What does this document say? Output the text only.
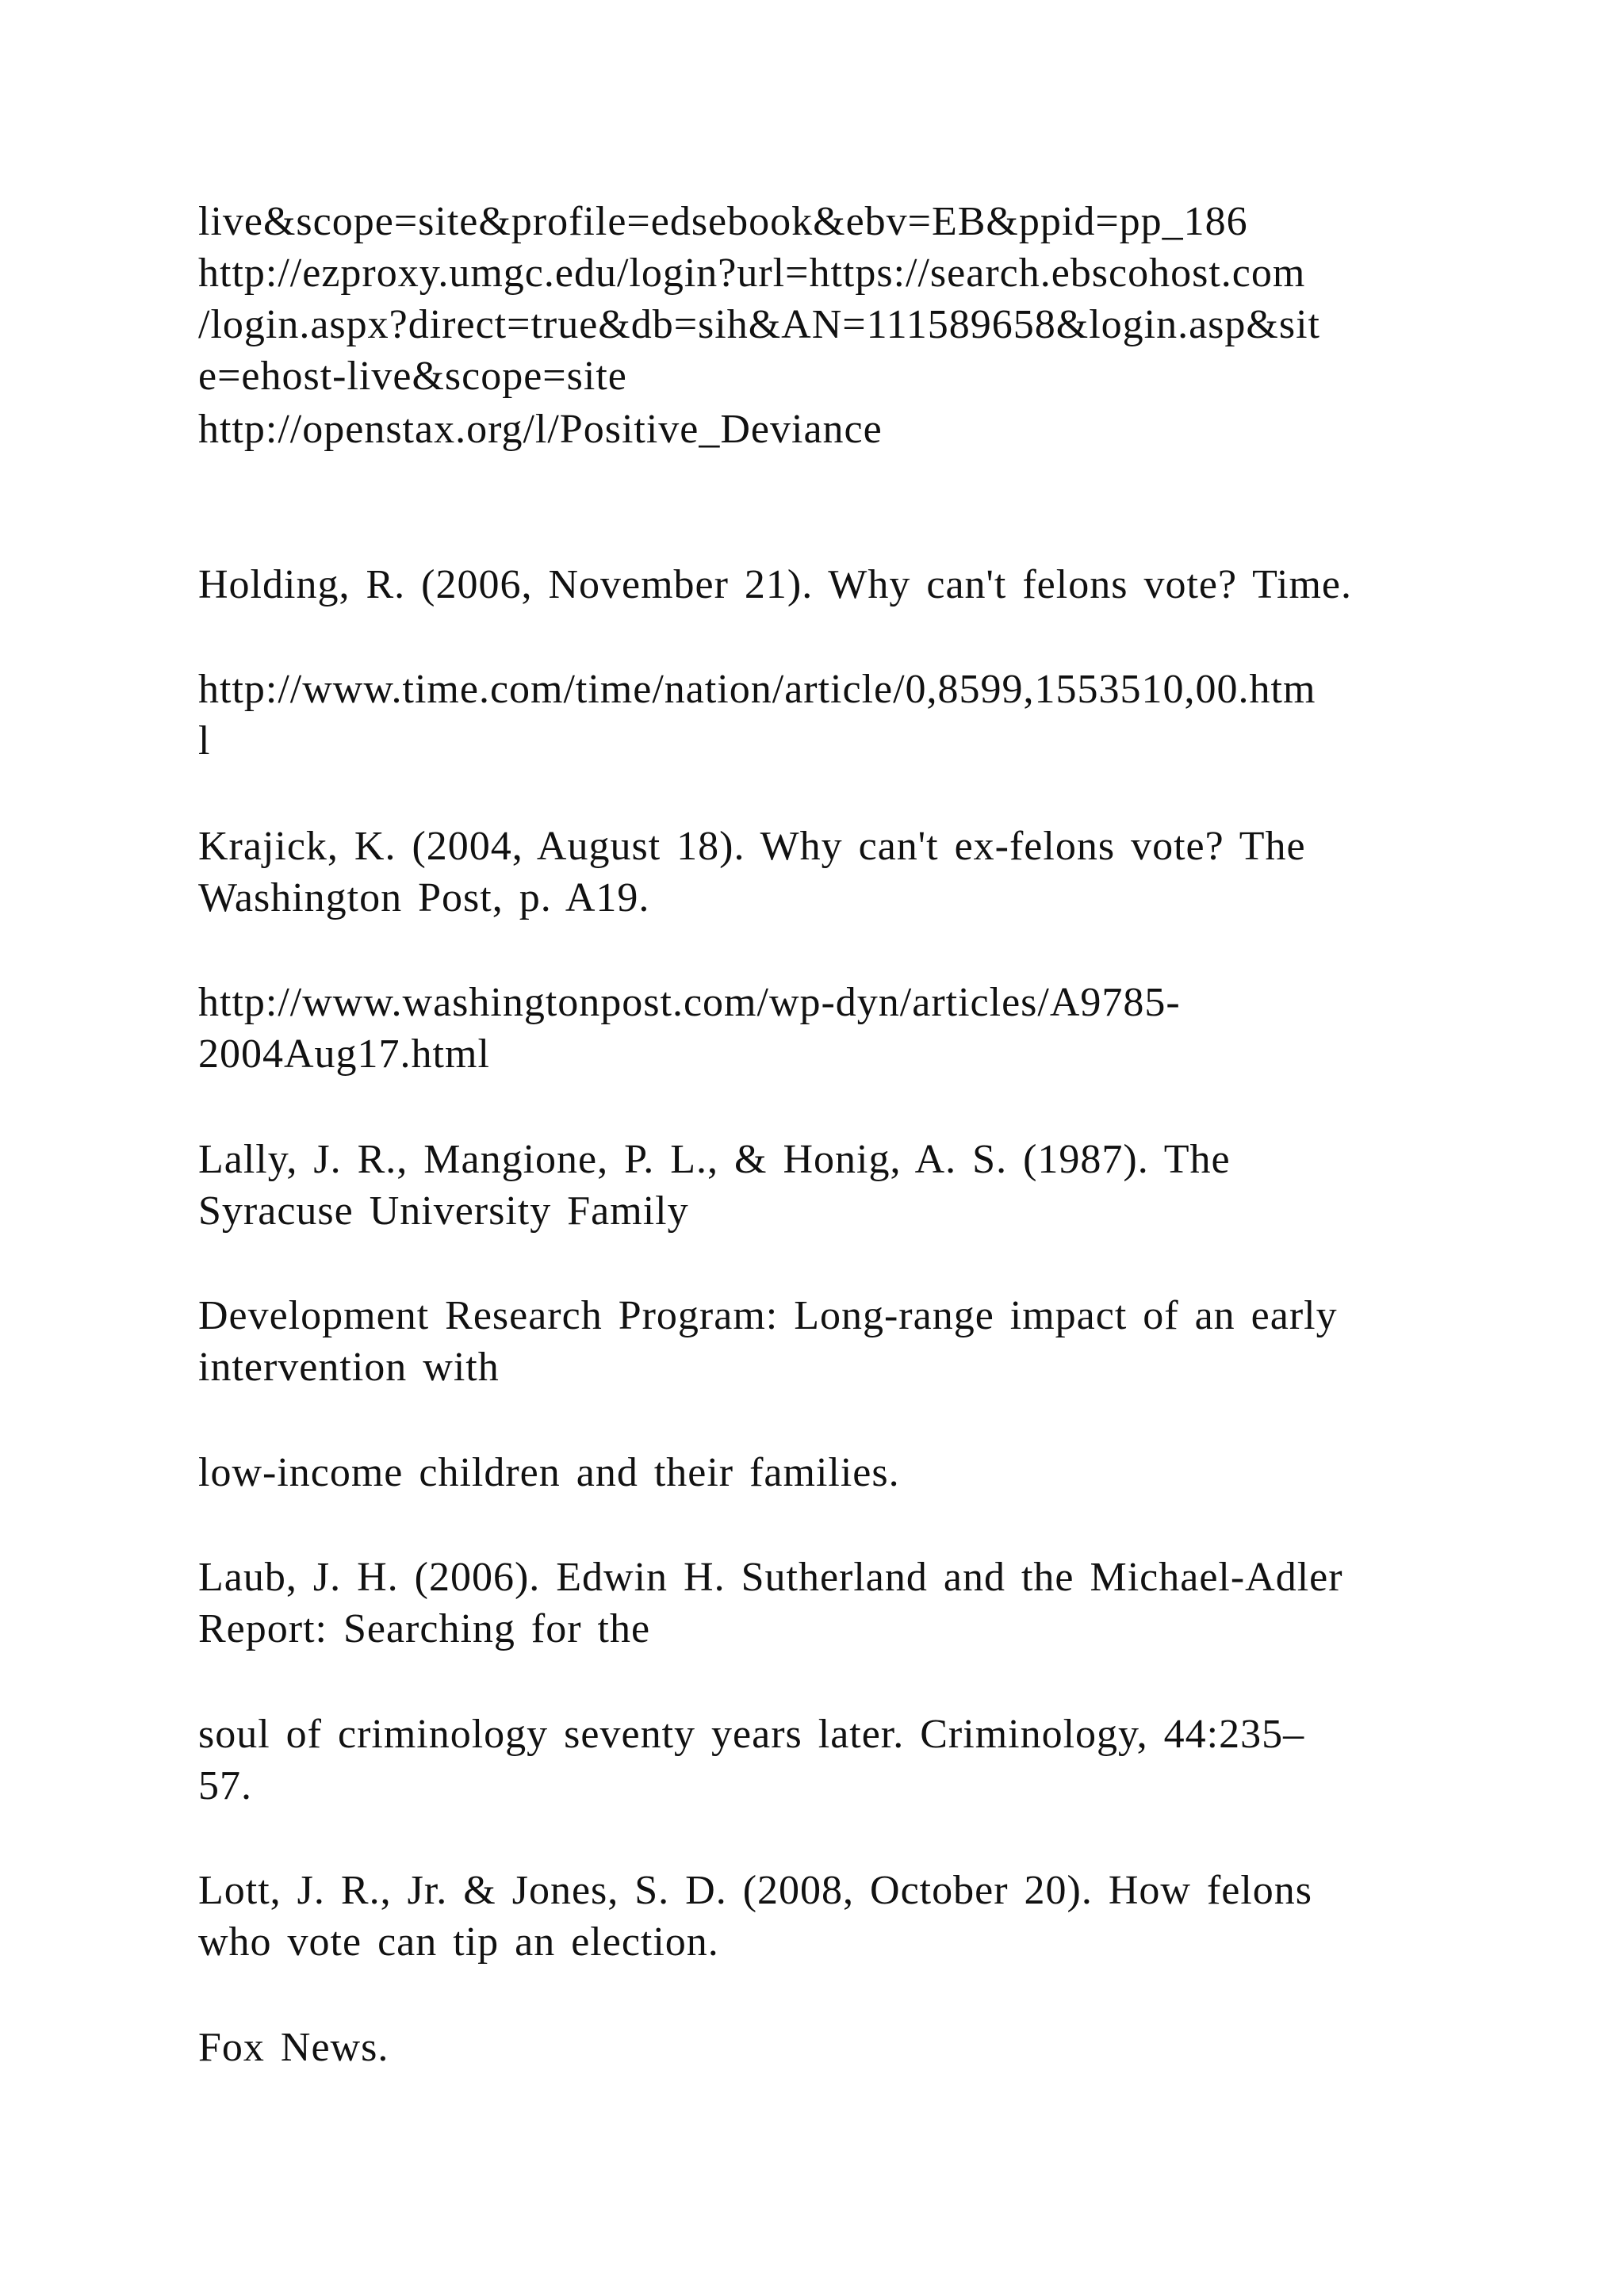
live&scope=site&profile=edsebook&ebv=EB&ppid=pp_186

http://ezproxy.umgc.edu/login?url=https://search.ebscohost.com

/login.aspx?direct=true&db=sih&AN=111589658&login.asp&sit

e=ehost-live&scope=site

http://openstax.org/l/Positive_Deviance

Holding, R. (2006, November 21). Why can't felons vote? Time.

http://www.time.com/time/nation/article/0,8599,1553510,00.htm

l

Krajick, K. (2004, August 18). Why can't ex-felons vote? The

Washington Post, p. A19.

http://www.washingtonpost.com/wp-dyn/articles/A9785-

2004Aug17.html

Lally, J. R., Mangione, P. L., & Honig, A. S. (1987). The

Syracuse University Family

Development Research Program: Long-range impact of an early

intervention with

low-income children and their families.

Laub, J. H. (2006). Edwin H. Sutherland and the Michael-Adler

Report: Searching for the

soul of criminology seventy years later. Criminology, 44:235–

57.

Lott, J. R., Jr. & Jones, S. D. (2008, October 20). How felons

who vote can tip an election.

Fox News.
